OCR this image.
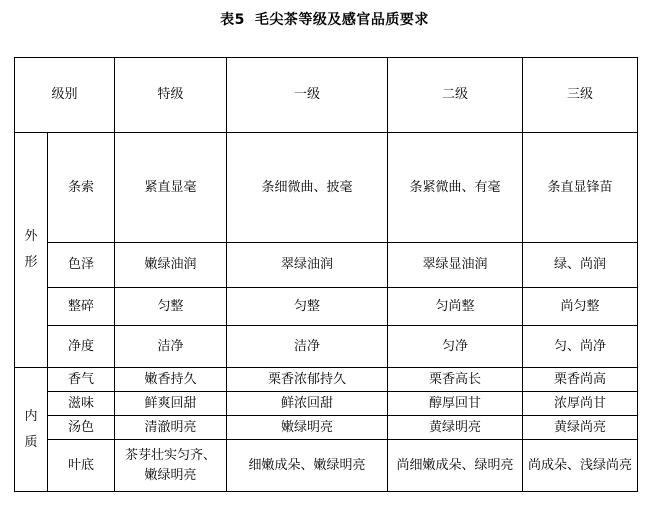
表5 毛尖茶等级及感官品质要求
级别		特级	一级	二级	三级

外
形	条索	紧直显毫	条细微曲、披毫	条紧微曲、有毫	条直显锋苗
	色泽	嫩绿油润	翠绿油润	翠绿显油润	绿、尚润
	整碎	匀整	匀整	匀尚整	尚匀整
	净度	洁净	洁净	匀净	匀、尚净

内
质	香气	嫩香持久	栗香浓郁持久	栗香高长	栗香尚高
	滋味	鲜爽回甜	鲜浓回甜	醇厚回甘	浓厚尚甘
	汤色	清澈明亮	嫩绿明亮	黄绿明亮	黄绿尚亮
	叶底	茶芽壮实匀齐、嫩绿明亮	细嫩成朵、嫩绿明亮	尚细嫩成朵、绿明亮	尚成朵、浅绿尚亮
